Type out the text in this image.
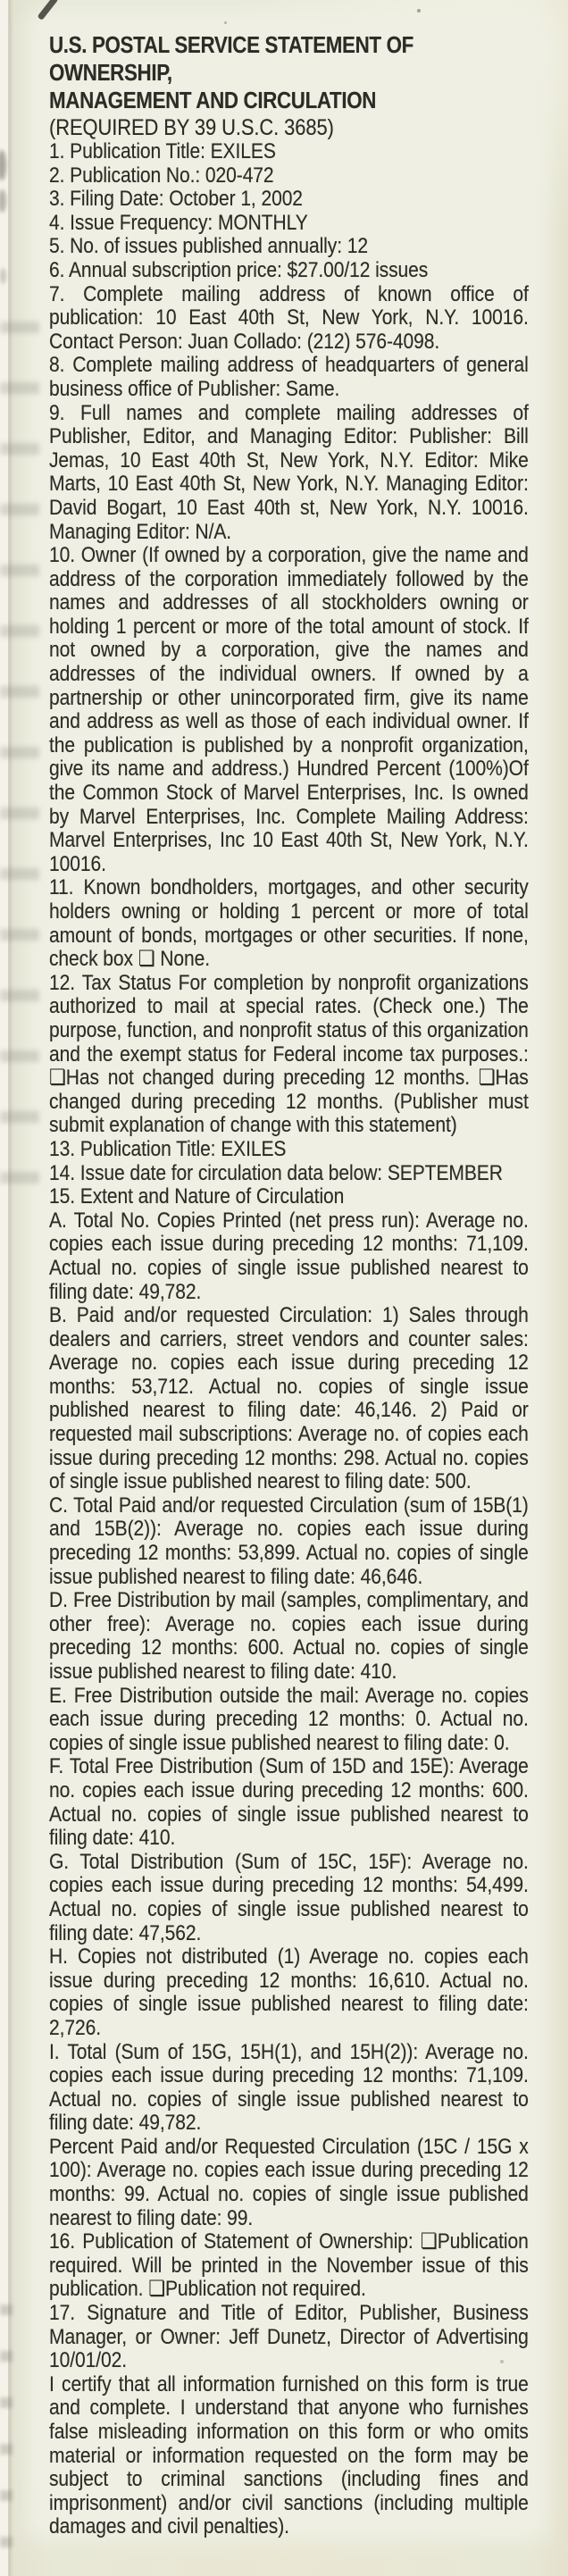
U.S. POSTAL SERVICE STATEMENT OF OWNERSHIP,
MANAGEMENT AND CIRCULATION

(REQUIRED BY 39 U.S.C. 3685)

1. Publication Title: EXILES

2. Publication No.: 020-472

3. Filing Date: October 1, 2002

4. Issue Frequency: MONTHLY

5. No. of issues published annually: 12

6. Annual subscription price: $27.00/12 issues

7. Complete mailing address of known office of publication: 10 East 40th St, New York, N.Y. 10016. Contact Person: Juan Collado: (212) 576-4098.

8. Complete mailing address of headquarters of general business office of Publisher: Same.

9. Full names and complete mailing addresses of Publisher, Editor, and Managing Editor: Publisher: Bill Jemas, 10 East 40th St, New York, N.Y. Editor: Mike Marts, 10 East 40th St, New York, N.Y. Managing Editor: David Bogart, 10 East 40th st, New York, N.Y. 10016. Managing Editor: N/A.

10. Owner (If owned by a corporation, give the name and address of the corporation immediately followed by the names and addresses of all stockholders owning or holding 1 percent or more of the total amount of stock. If not owned by a corporation, give the names and addresses of the individual owners. If owned by a partnership or other unincorporated firm, give its name and address as well as those of each individual owner. If the publication is published by a nonprofit organization, give its name and address.) Hundred Percent (100%)Of the Common Stock of Marvel Enterprises, Inc. Is owned by Marvel Enterprises, Inc. Complete Mailing Address: Marvel Enterprises, Inc 10 East 40th St, New York, N.Y. 10016.

11. Known bondholders, mortgages, and other security holders owning or holding 1 percent or more of total amount of bonds, mortgages or other securities. If none, check box ❏ None.

12. Tax Status For completion by nonprofit organizations authorized to mail at special rates. (Check one.) The purpose, function, and nonprofit status of this organization and the exempt status for Federal income tax purposes.: ❏Has not changed during preceding 12 months. ❏Has changed during preceding 12 months. (Publisher must submit explanation of change with this statement)

13. Publication Title: EXILES

14. Issue date for circulation data below: SEPTEMBER

15. Extent and Nature of Circulation

A. Total No. Copies Printed (net press run): Average no. copies each issue during preceding 12 months: 71,109. Actual no. copies of single issue published nearest to filing date: 49,782.

B. Paid and/or requested Circulation: 1) Sales through dealers and carriers, street vendors and counter sales: Average no. copies each issue during preceding 12 months: 53,712. Actual no. copies of single issue published nearest to filing date: 46,146. 2) Paid or requested mail subscriptions: Average no. of copies each issue during preceding 12 months: 298. Actual no. copies of single issue published nearest to filing date: 500.

C. Total Paid and/or requested Circulation (sum of 15B(1) and 15B(2)): Average no. copies each issue during preceding 12 months: 53,899. Actual no. copies of single issue published nearest to filing date: 46,646.

D. Free Distribution by mail (samples, complimentary, and other free): Average no. copies each issue during preceding 12 months: 600. Actual no. copies of single issue published nearest to filing date: 410.

E. Free Distribution outside the mail: Average no. copies each issue during preceding 12 months: 0. Actual no. copies of single issue published nearest to filing date: 0.

F. Total Free Distribution (Sum of 15D and 15E): Average no. copies each issue during preceding 12 months: 600. Actual no. copies of single issue published nearest to filing date: 410.

G. Total Distribution (Sum of 15C, 15F): Average no. copies each issue during preceding 12 months: 54,499. Actual no. copies of single issue published nearest to filing date: 47,562.

H. Copies not distributed (1) Average no. copies each issue during preceding 12 months: 16,610. Actual no. copies of single issue published nearest to filing date: 2,726.

I. Total (Sum of 15G, 15H(1), and 15H(2)): Average no. copies each issue during preceding 12 months: 71,109. Actual no. copies of single issue published nearest to filing date: 49,782.

Percent Paid and/or Requested Circulation (15C / 15G x 100): Average no. copies each issue during preceding 12 months: 99. Actual no. copies of single issue published nearest to filing date: 99.

16. Publication of Statement of Ownership: ❏Publication required. Will be printed in the November issue of this publication. ❏Publication not required.

17. Signature and Title of Editor, Publisher, Business Manager, or Owner: Jeff Dunetz, Director of Advertising 10/01/02.

I certify that all information furnished on this form is true and complete. I understand that anyone who furnishes false misleading information on this form or who omits material or information requested on the form may be subject to criminal sanctions (including fines and imprisonment) and/or civil sanctions (including multiple damages and civil penalties).
